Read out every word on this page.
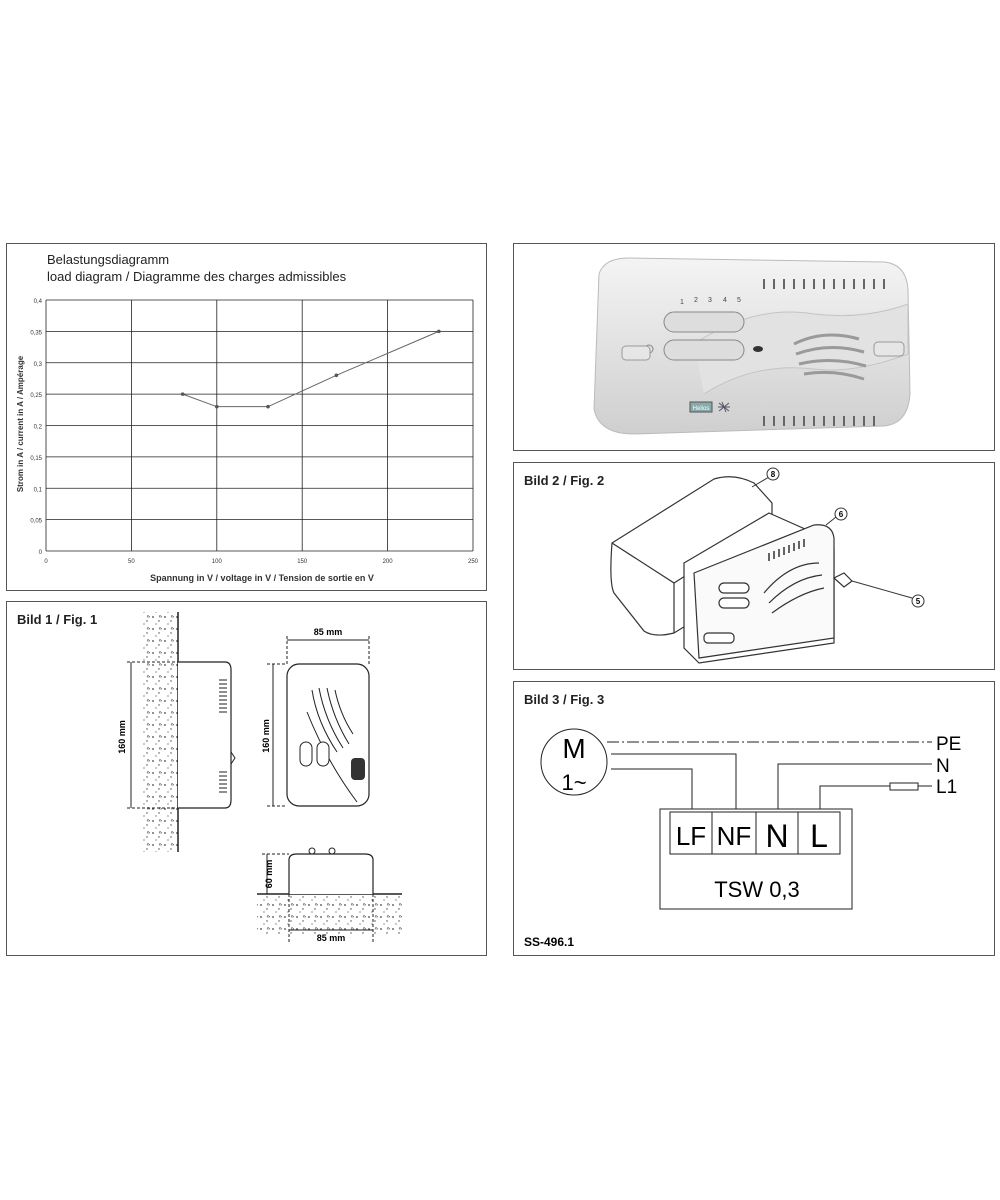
Belastungsdiagramm
load diagram / Diagramme des charges admissibles
0
0,05
0,1
0,15
0,2
0,25
0,3
0,35
0,4
0	50	100	150	200	250
Strom in A / current in A / Ampérage
Spannung in V / voltage in V / Tension de sortie en V
1 2 3 4 5
Helios
Bild 2 / Fig. 2	8
6
5
Bild 1 / Fig. 1
160 mm
85 mm
160 mm
60 mm
85 mm
Bild 3 / Fig. 3
M
1~
PE
N
L1
LF NF N L
TSW 0,3
SS-496.1
